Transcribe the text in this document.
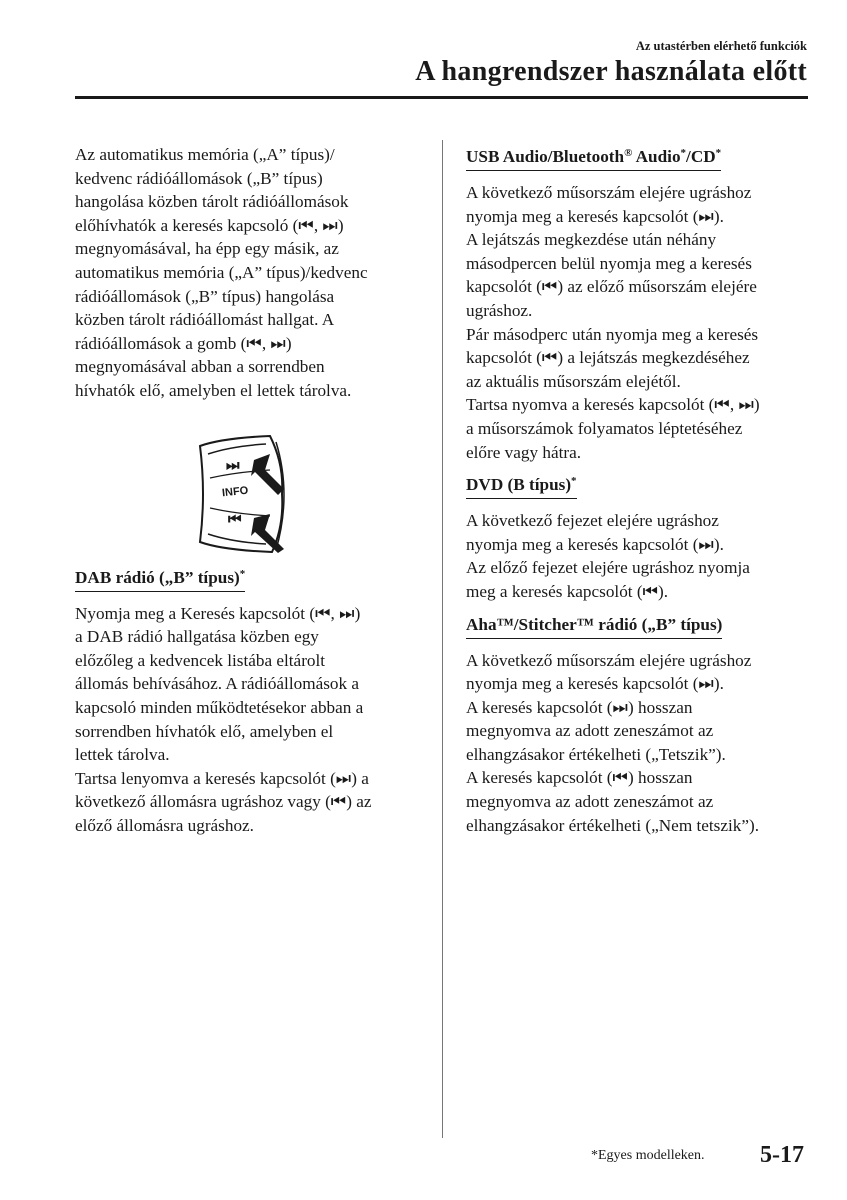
Az utastérben elérhető funkciók
A hangrendszer használata előtt

Az automatikus memória („A” típus)/
kedvenc rádióállomások („B” típus)
hangolása közben tárolt rádióállomások
előhívhatók a keresés kapcsoló (⏮, ⏭)
megnyomásával, ha épp egy másik, az
automatikus memória („A” típus)/kedvenc
rádióállomások („B” típus) hangolása
közben tárolt rádióállomást hallgat. A
rádióállomások a gomb (⏮, ⏭)
megnyomásával abban a sorrendben
hívhatók elő, amelyben el lettek tárolva.

DAB rádió („B” típus)*

Nyomja meg a Keresés kapcsolót (⏮, ⏭)
a DAB rádió hallgatása közben egy
előzőleg a kedvencek listába eltárolt
állomás behívásához. A rádióállomások a
kapcsoló minden működtetésekor abban a
sorrendben hívhatók elő, amelyben el
lettek tárolva.

Tartsa lenyomva a keresés kapcsolót (⏭) a
következő állomásra ugráshoz vagy (⏮) az
előző állomásra ugráshoz.

⏭
INFO
⏮
USB Audio/Bluetooth® Audio*/CD*

A következő műsorszám elejére ugráshoz
nyomja meg a keresés kapcsolót (⏭).

A lejátszás megkezdése után néhány
másodpercen belül nyomja meg a keresés
kapcsolót (⏮) az előző műsorszám elejére
ugráshoz.

Pár másodperc után nyomja meg a keresés
kapcsolót (⏮) a lejátszás megkezdéséhez
az aktuális műsorszám elejétől.

Tartsa nyomva a keresés kapcsolót (⏮, ⏭)
a műsorszámok folyamatos léptetéséhez
előre vagy hátra.

DVD (B típus)*

A következő fejezet elejére ugráshoz
nyomja meg a keresés kapcsolót (⏭).

Az előző fejezet elejére ugráshoz nyomja
meg a keresés kapcsolót (⏮).

Aha™/Stitcher™ rádió („B” típus)

A következő műsorszám elejére ugráshoz
nyomja meg a keresés kapcsolót (⏭).

A keresés kapcsolót (⏭) hosszan
megnyomva az adott zeneszámot az
elhangzásakor értékelheti („Tetszik”).

A keresés kapcsolót (⏮) hosszan
megnyomva az adott zeneszámot az
elhangzásakor értékelheti („Nem tetszik”).

*Egyes modelleken. 5-17
